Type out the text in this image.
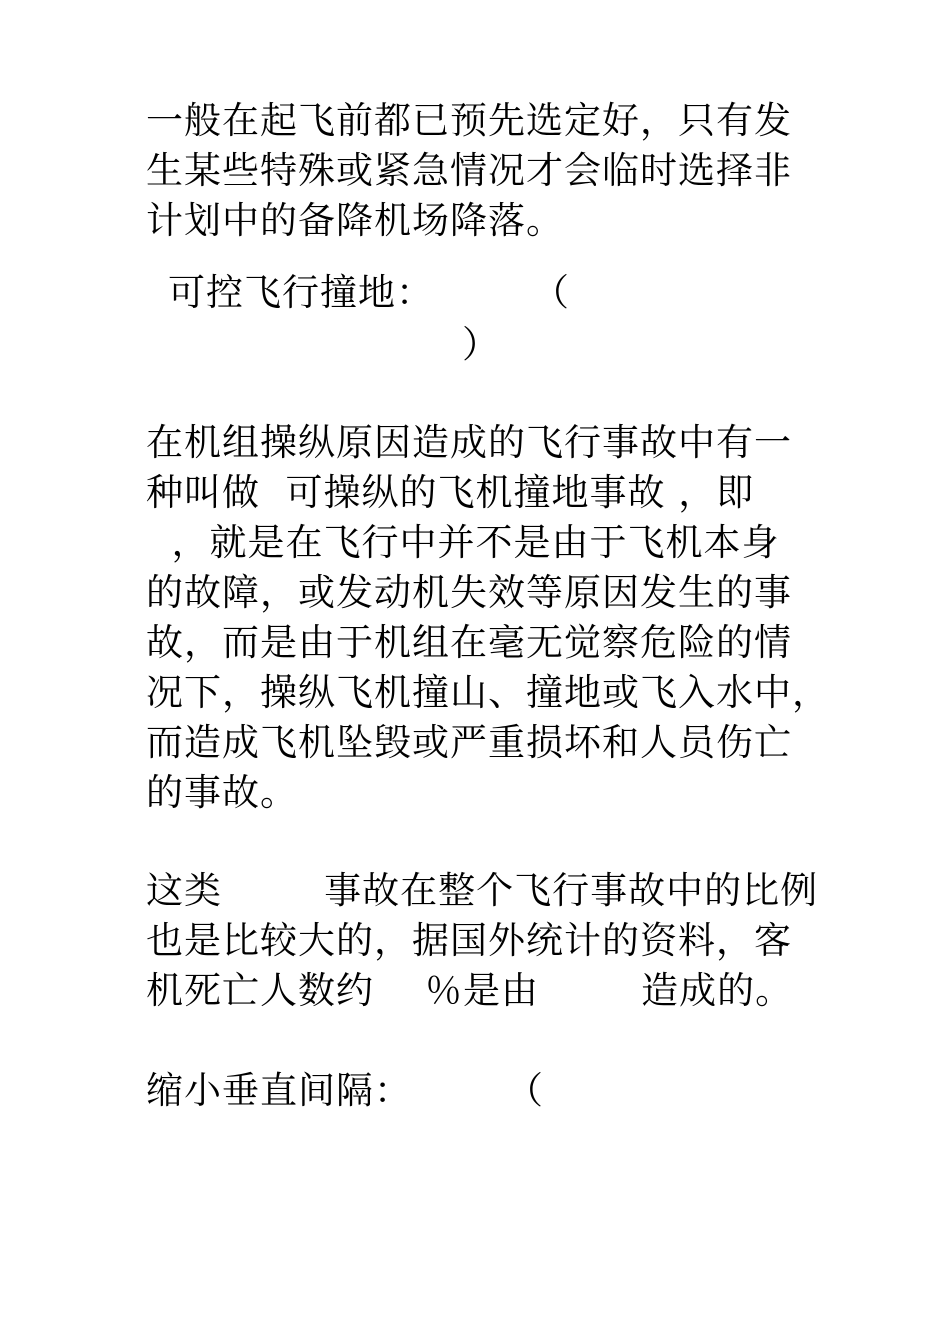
一般在起飞前都已预先选定好，只有发
生某些特殊或紧急情况才会临时选择非
计划中的备降机场降落。
可控飞行撞地：	（
）
在机组操纵原因造成的飞行事故中有一
种叫做  可操纵的飞机撞地事故 ，即
，就是在飞行中并不是由于飞机本身
的故障，或发动机失效等原因发生的事
故，而是由于机组在毫无觉察危险的情
况下，操纵飞机撞山、撞地或飞入水中，
而造成飞机坠毁或严重损坏和人员伤亡
的事故。
这类        事故在整个飞行事故中的比例
也是比较大的，据国外统计的资料，客
机死亡人数约    ％是由        造成的。
缩小垂直间隔：	（
